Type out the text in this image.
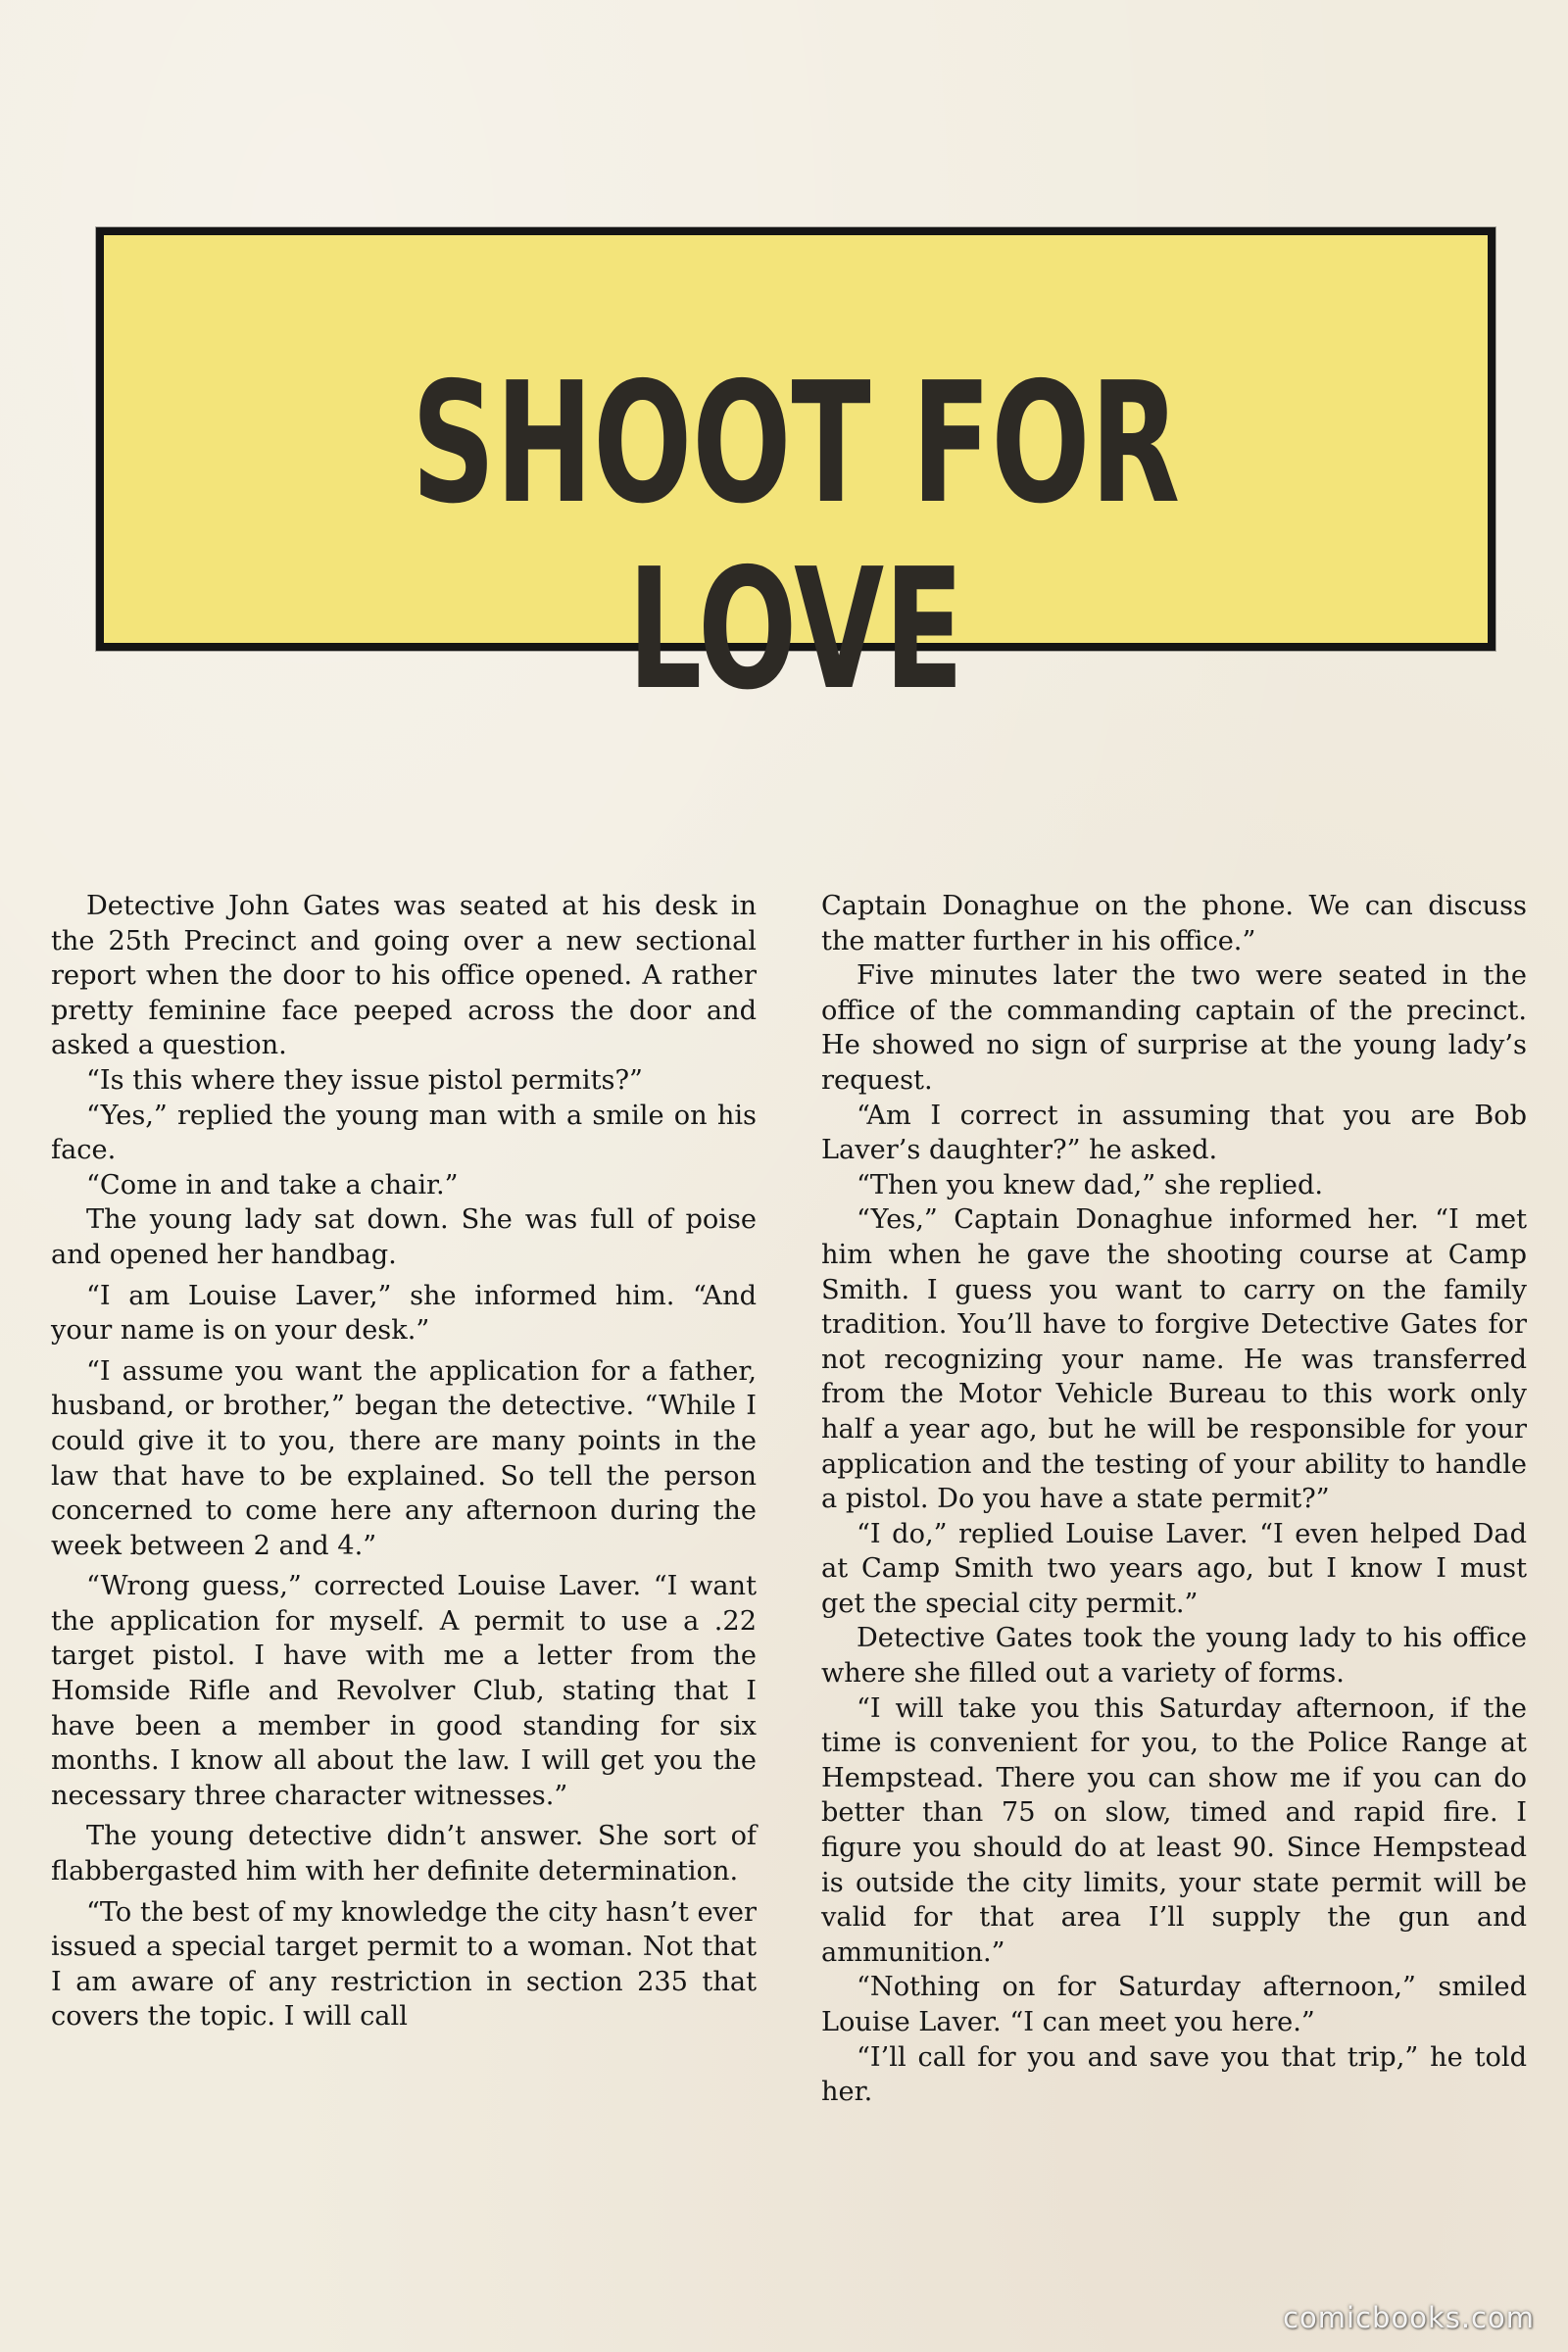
SHOOT FOR LOVE

Detective John Gates was seated at his desk in the 25th Precinct and going over a new sectional report when the door to his office opened. A rather pretty feminine face peeped across the door and asked a question.

“Is this where they issue pistol permits?”

“Yes,” replied the young man with a smile on his face.

“Come in and take a chair.”

The young lady sat down. She was full of poise and opened her handbag.

“I am Louise Laver,” she informed him. “And your name is on your desk.”

“I assume you want the application for a father, husband, or brother,” began the detective. “While I could give it to you, there are many points in the law that have to be explained. So tell the person concerned to come here any afternoon during the week between 2 and 4.”

“Wrong guess,” corrected Louise Laver. “I want the application for myself. A permit to use a .22 target pistol. I have with me a letter from the Homside Rifle and Revolver Club, stating that I have been a member in good standing for six months. I know all about the law. I will get you the necessary three character witnesses.”

The young detective didn’t answer. She sort of flabbergasted him with her definite determination.

“To the best of my knowledge the city hasn’t ever issued a special target permit to a woman. Not that I am aware of any restriction in section 235 that covers the topic. I will call

Captain Donaghue on the phone. We can discuss the matter further in his office.”

Five minutes later the two were seated in the office of the commanding captain of the precinct. He showed no sign of surprise at the young lady’s request.

“Am I correct in assuming that you are Bob Laver’s daughter?” he asked.

“Then you knew dad,” she replied.

“Yes,” Captain Donaghue informed her. “I met him when he gave the shooting course at Camp Smith. I guess you want to carry on the family tradition. You’ll have to forgive Detective Gates for not recognizing your name. He was transferred from the Motor Vehicle Bureau to this work only half a year ago, but he will be responsible for your application and the testing of your ability to handle a pistol. Do you have a state permit?”

“I do,” replied Louise Laver. “I even helped Dad at Camp Smith two years ago, but I know I must get the special city permit.”

Detective Gates took the young lady to his office where she filled out a variety of forms.

“I will take you this Saturday afternoon, if the time is convenient for you, to the Police Range at Hempstead. There you can show me if you can do better than 75 on slow, timed and rapid fire. I figure you should do at least 90. Since Hempstead is outside the city limits, your state permit will be valid for that area I’ll supply the gun and ammunition.”

“Nothing on for Saturday afternoon,” smiled Louise Laver. “I can meet you here.”

“I’ll call for you and save you that trip,” he told her.

comicbooks.com
